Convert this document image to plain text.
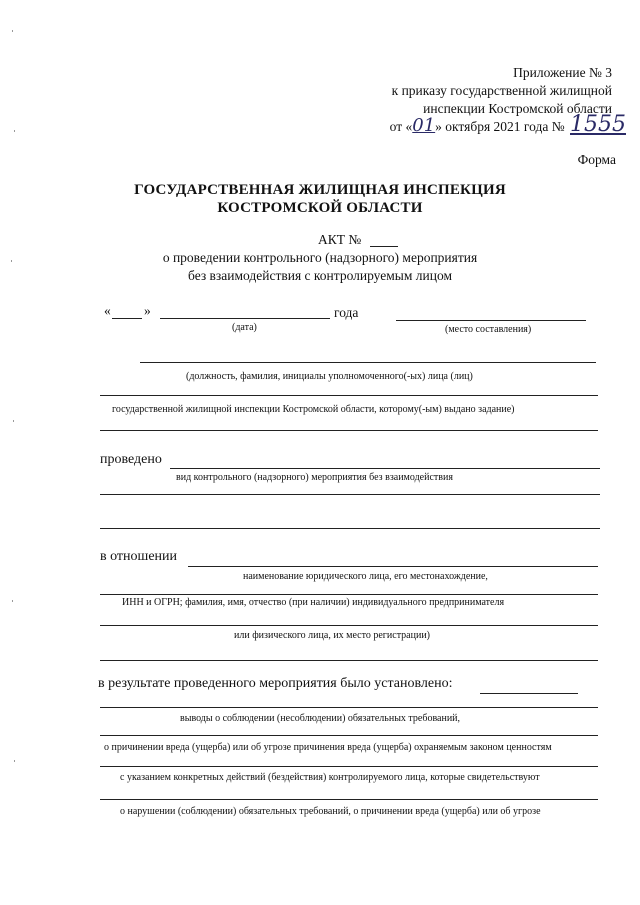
Приложение № 3
к приказу государственной жилищной
инспекции Костромской области
от «01» октября 2021 года № 1555
Форма
ГОСУДАРСТВЕННАЯ ЖИЛИЩНАЯ ИНСПЕКЦИЯ
КОСТРОМСКОЙ ОБЛАСТИ
АКТ №
о проведении контрольного (надзорного) мероприятия
без взаимодействия с контролируемым лицом
« »	года
(дата)	(место составления)
(должность, фамилия, инициалы уполномоченного(-ых) лица (лиц)
государственной жилищной инспекции Костромской области, которому(-ым) выдано задание)
проведено
вид контрольного (надзорного) мероприятия без взаимодействия
в отношении
наименование юридического лица, его местонахождение,
ИНН и ОГРН; фамилия, имя, отчество (при наличии) индивидуального предпринимателя
или физического лица, их место регистрации)
в результате проведенного мероприятия было установлено:
выводы о соблюдении (несоблюдении) обязательных требований,
о причинении вреда (ущерба) или об угрозе причинения вреда (ущерба) охраняемым законом ценностям
с указанием конкретных действий (бездействия) контролируемого лица, которые свидетельствуют
о нарушении (соблюдении) обязательных требований, о причинении вреда (ущерба) или об угрозе
